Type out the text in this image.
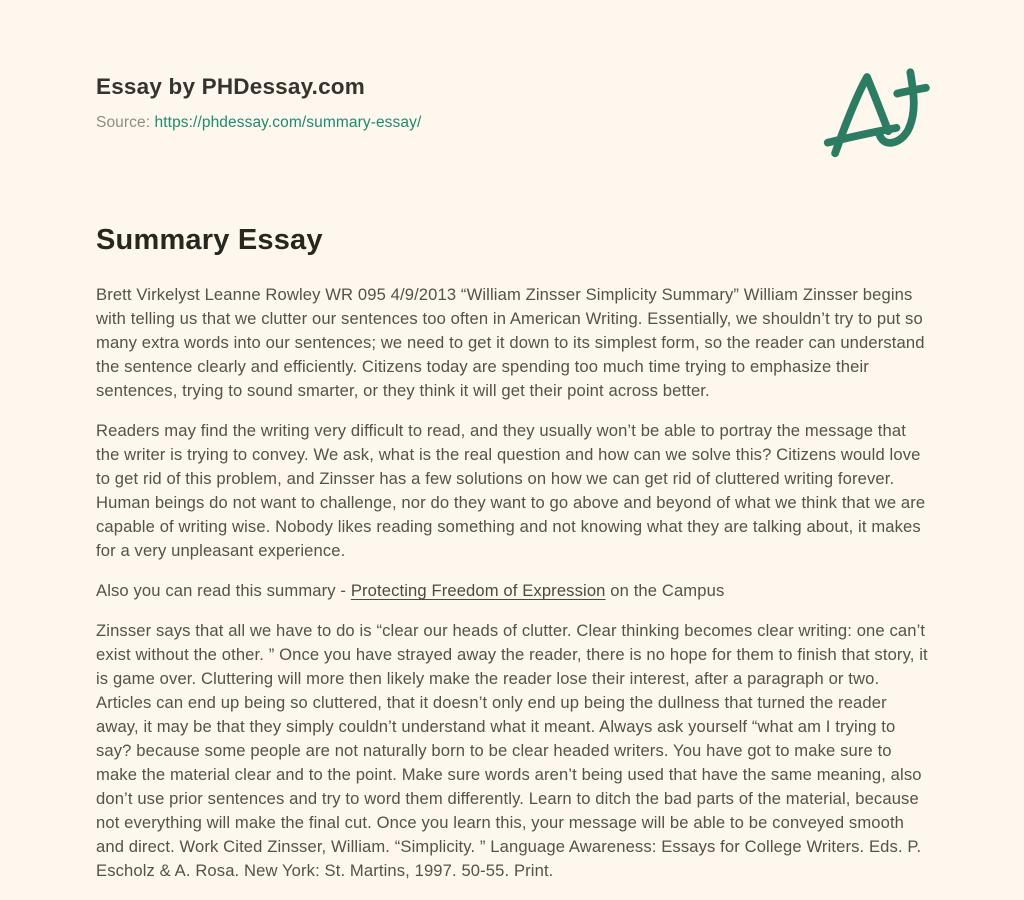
Essay by PHDessay.com

Source: https://phdessay.com/summary-essay/

Summary Essay

Brett Virkelyst Leanne Rowley WR 095 4/9/2013 “William Zinsser Simplicity Summary” William Zinsser begins with telling us that we clutter our sentences too often in American Writing. Essentially, we shouldn’t try to put so many extra words into our sentences; we need to get it down to its simplest form, so the reader can understand the sentence clearly and efficiently. Citizens today are spending too much time trying to emphasize their sentences, trying to sound smarter, or they think it will get their point across better.

Readers may find the writing very difficult to read, and they usually won’t be able to portray the message that the writer is trying to convey. We ask, what is the real question and how can we solve this? Citizens would love to get rid of this problem, and Zinsser has a few solutions on how we can get rid of cluttered writing forever. Human beings do not want to challenge, nor do they want to go above and beyond of what we think that we are capable of writing wise. Nobody likes reading something and not knowing what they are talking about, it makes for a very unpleasant experience.

Also you can read this summary - Protecting Freedom of Expression on the Campus

Zinsser says that all we have to do is “clear our heads of clutter. Clear thinking becomes clear writing: one can’t exist without the other. ” Once you have strayed away the reader, there is no hope for them to finish that story, it is game over. Cluttering will more then likely make the reader lose their interest, after a paragraph or two. Articles can end up being so cluttered, that it doesn’t only end up being the dullness that turned the reader away, it may be that they simply couldn’t understand what it meant. Always ask yourself “what am I trying to say? because some people are not naturally born to be clear headed writers. You have got to make sure to make the material clear and to the point. Make sure words aren’t being used that have the same meaning, also don’t use prior sentences and try to word them differently. Learn to ditch the bad parts of the material, because not everything will make the final cut. Once you learn this, your message will be able to be conveyed smooth and direct. Work Cited Zinsser, William. “Simplicity. ” Language Awareness: Essays for College Writers. Eds. P. Escholz & A. Rosa. New York: St. Martins, 1997. 50-55. Print.
